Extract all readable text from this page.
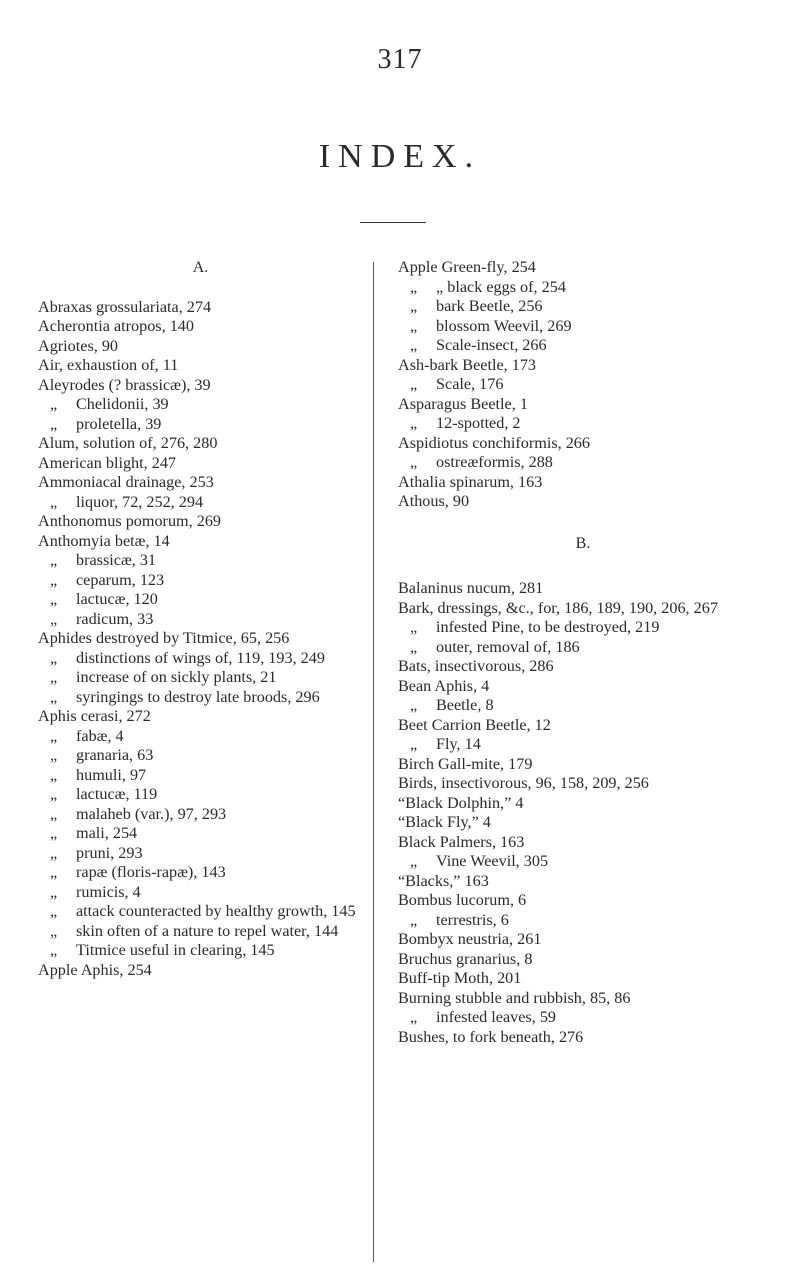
317
INDEX.
A.

Abraxas grossulariata, 274

Acherontia atropos, 140

Agriotes, 90

Air, exhaustion of, 11

Aleyrodes (? brassicæ), 39

„ Chelidonii, 39

„ proletella, 39

Alum, solution of, 276, 280

American blight, 247

Ammoniacal drainage, 253

„ liquor, 72, 252, 294

Anthonomus pomorum, 269

Anthomyia betæ, 14

„ brassicæ, 31

„ ceparum, 123

„ lactucæ, 120

„ radicum, 33

Aphides destroyed by Titmice, 65, 256

„ distinctions of wings of, 119, 193, 249

„ increase of on sickly plants, 21

„ syringings to destroy late broods, 296

Aphis cerasi, 272

„ fabæ, 4

„ granaria, 63

„ humuli, 97

„ lactucæ, 119

„ malaheb (var.), 97, 293

„ mali, 254

„ pruni, 293

„ rapæ (floris-rapæ), 143

„ rumicis, 4

„ attack counteracted by healthy growth, 145

„ skin often of a nature to repel water, 144

„ Titmice useful in clearing, 145

Apple Aphis, 254

Apple Green-fly, 254

„ „ black eggs of, 254

„ bark Beetle, 256

„ blossom Weevil, 269

„ Scale-insect, 266

Ash-bark Beetle, 173

„ Scale, 176

Asparagus Beetle, 1

„ 12-spotted, 2

Aspidiotus conchiformis, 266

„ ostreæformis, 288

Athalia spinarum, 163

Athous, 90

B.

Balaninus nucum, 281

Bark, dressings, &c., for, 186, 189, 190, 206, 267

„ infested Pine, to be destroyed, 219

„ outer, removal of, 186

Bats, insectivorous, 286

Bean Aphis, 4

„ Beetle, 8

Beet Carrion Beetle, 12

„ Fly, 14

Birch Gall-mite, 179

Birds, insectivorous, 96, 158, 209, 256

“Black Dolphin,” 4

“Black Fly,” 4

Black Palmers, 163

„ Vine Weevil, 305

“Blacks,” 163

Bombus lucorum, 6

„ terrestris, 6

Bombyx neustria, 261

Bruchus granarius, 8

Buff-tip Moth, 201

Burning stubble and rubbish, 85, 86

„ infested leaves, 59

Bushes, to fork beneath, 276
